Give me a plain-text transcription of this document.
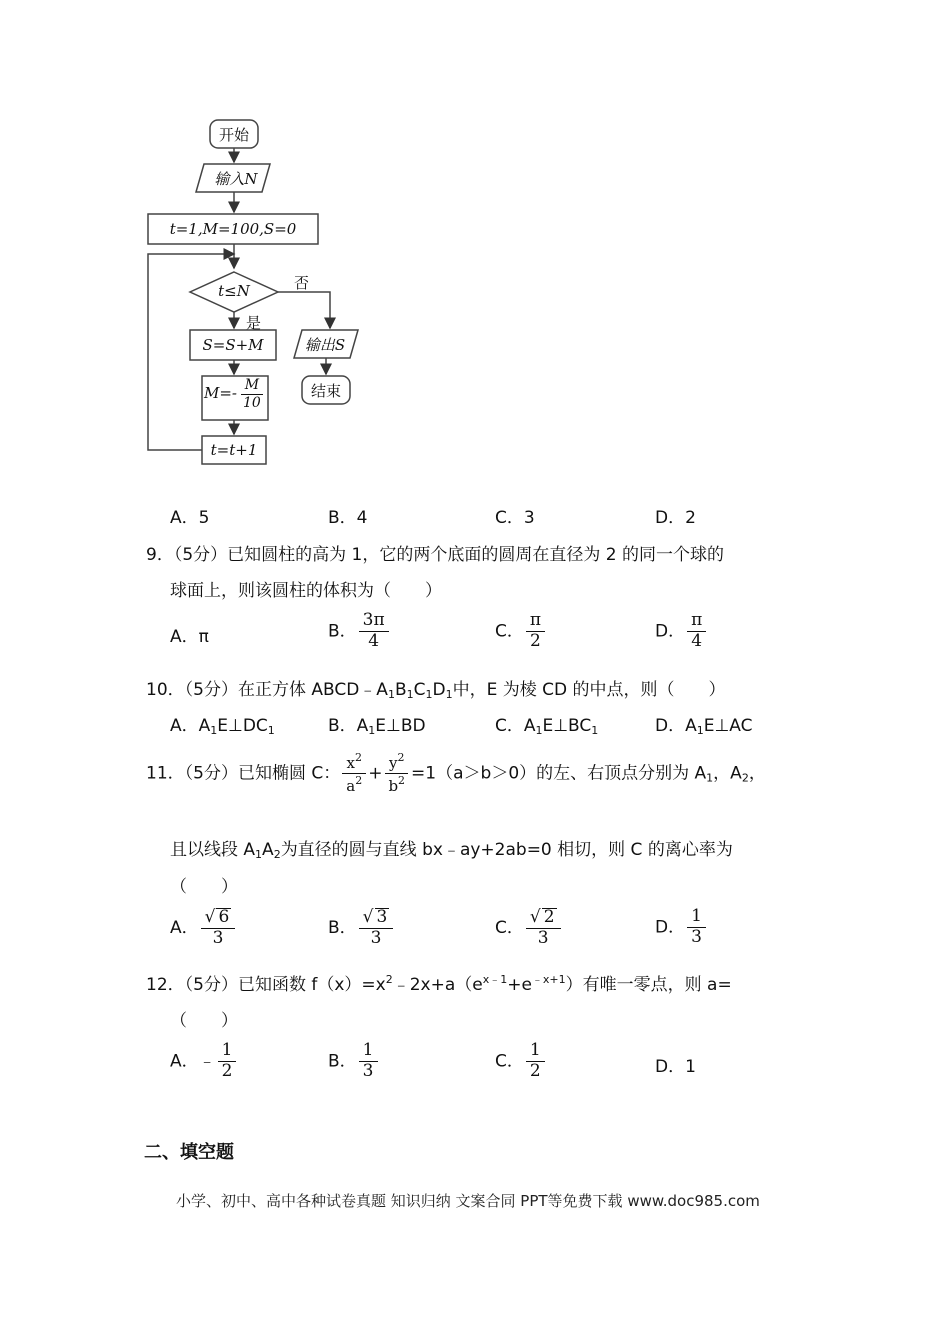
开始
输入N
t=1,M=100,S=0
t≤N	否
是
S=S+M
$M=- \frac{M}{10}$
t=t+1
输出S
结束
A．5	B．4	C．3	D．2
9．（5分）已知圆柱的高为 1，它的两个底面的圆周在直径为 2 的同一个球的
球面上，则该圆柱的体积为（　　）
A．π	B． $\frac{3\pi}{4}$	C． $\frac{\pi}{2}$	D． $\frac{\pi}{4}$
10．（5分）在正方体 $ABCD﹣A_1B_1C_1D_1$中，E 为棱 CD 的中点，则（　　）
A．$A_1E\perp DC_1$	B．$A_1E\perp BD$	C．$A_1E\perp BC_1$	D．$A_1E\perp AC$
11．（5分）已知椭圆 C： $\frac{x^2}{a^2} + \frac{y^2}{b^2} =1(a>b>0)$的左、右顶点分别为 $A_1$，$A_2$，
且以线段 $A_1A_2$为直径的圆与直线 bx﹣ay+2ab=0 相切，则 C 的离心率为
（　　）
A． $\frac{√ 6}{3}$	B． $\frac{√ 3}{3}$	C． $\frac{√ 2}{3}$	D． $\frac{1}{3}$
12．（5分）已知函数 $f(x)=x^2﹣2x+a(e^{x﹣1}+e^{﹣x+1})$有唯一零点，则 a=
（　　）
A．﹣ $\frac{1}{2}$	B． $\frac{1}{3}$	C． $\frac{1}{2}$	D．1
二、填空题
小学、初中、高中各种试卷真题 知识归纳 文案合同 PPT等免费下载 www.doc985.com
